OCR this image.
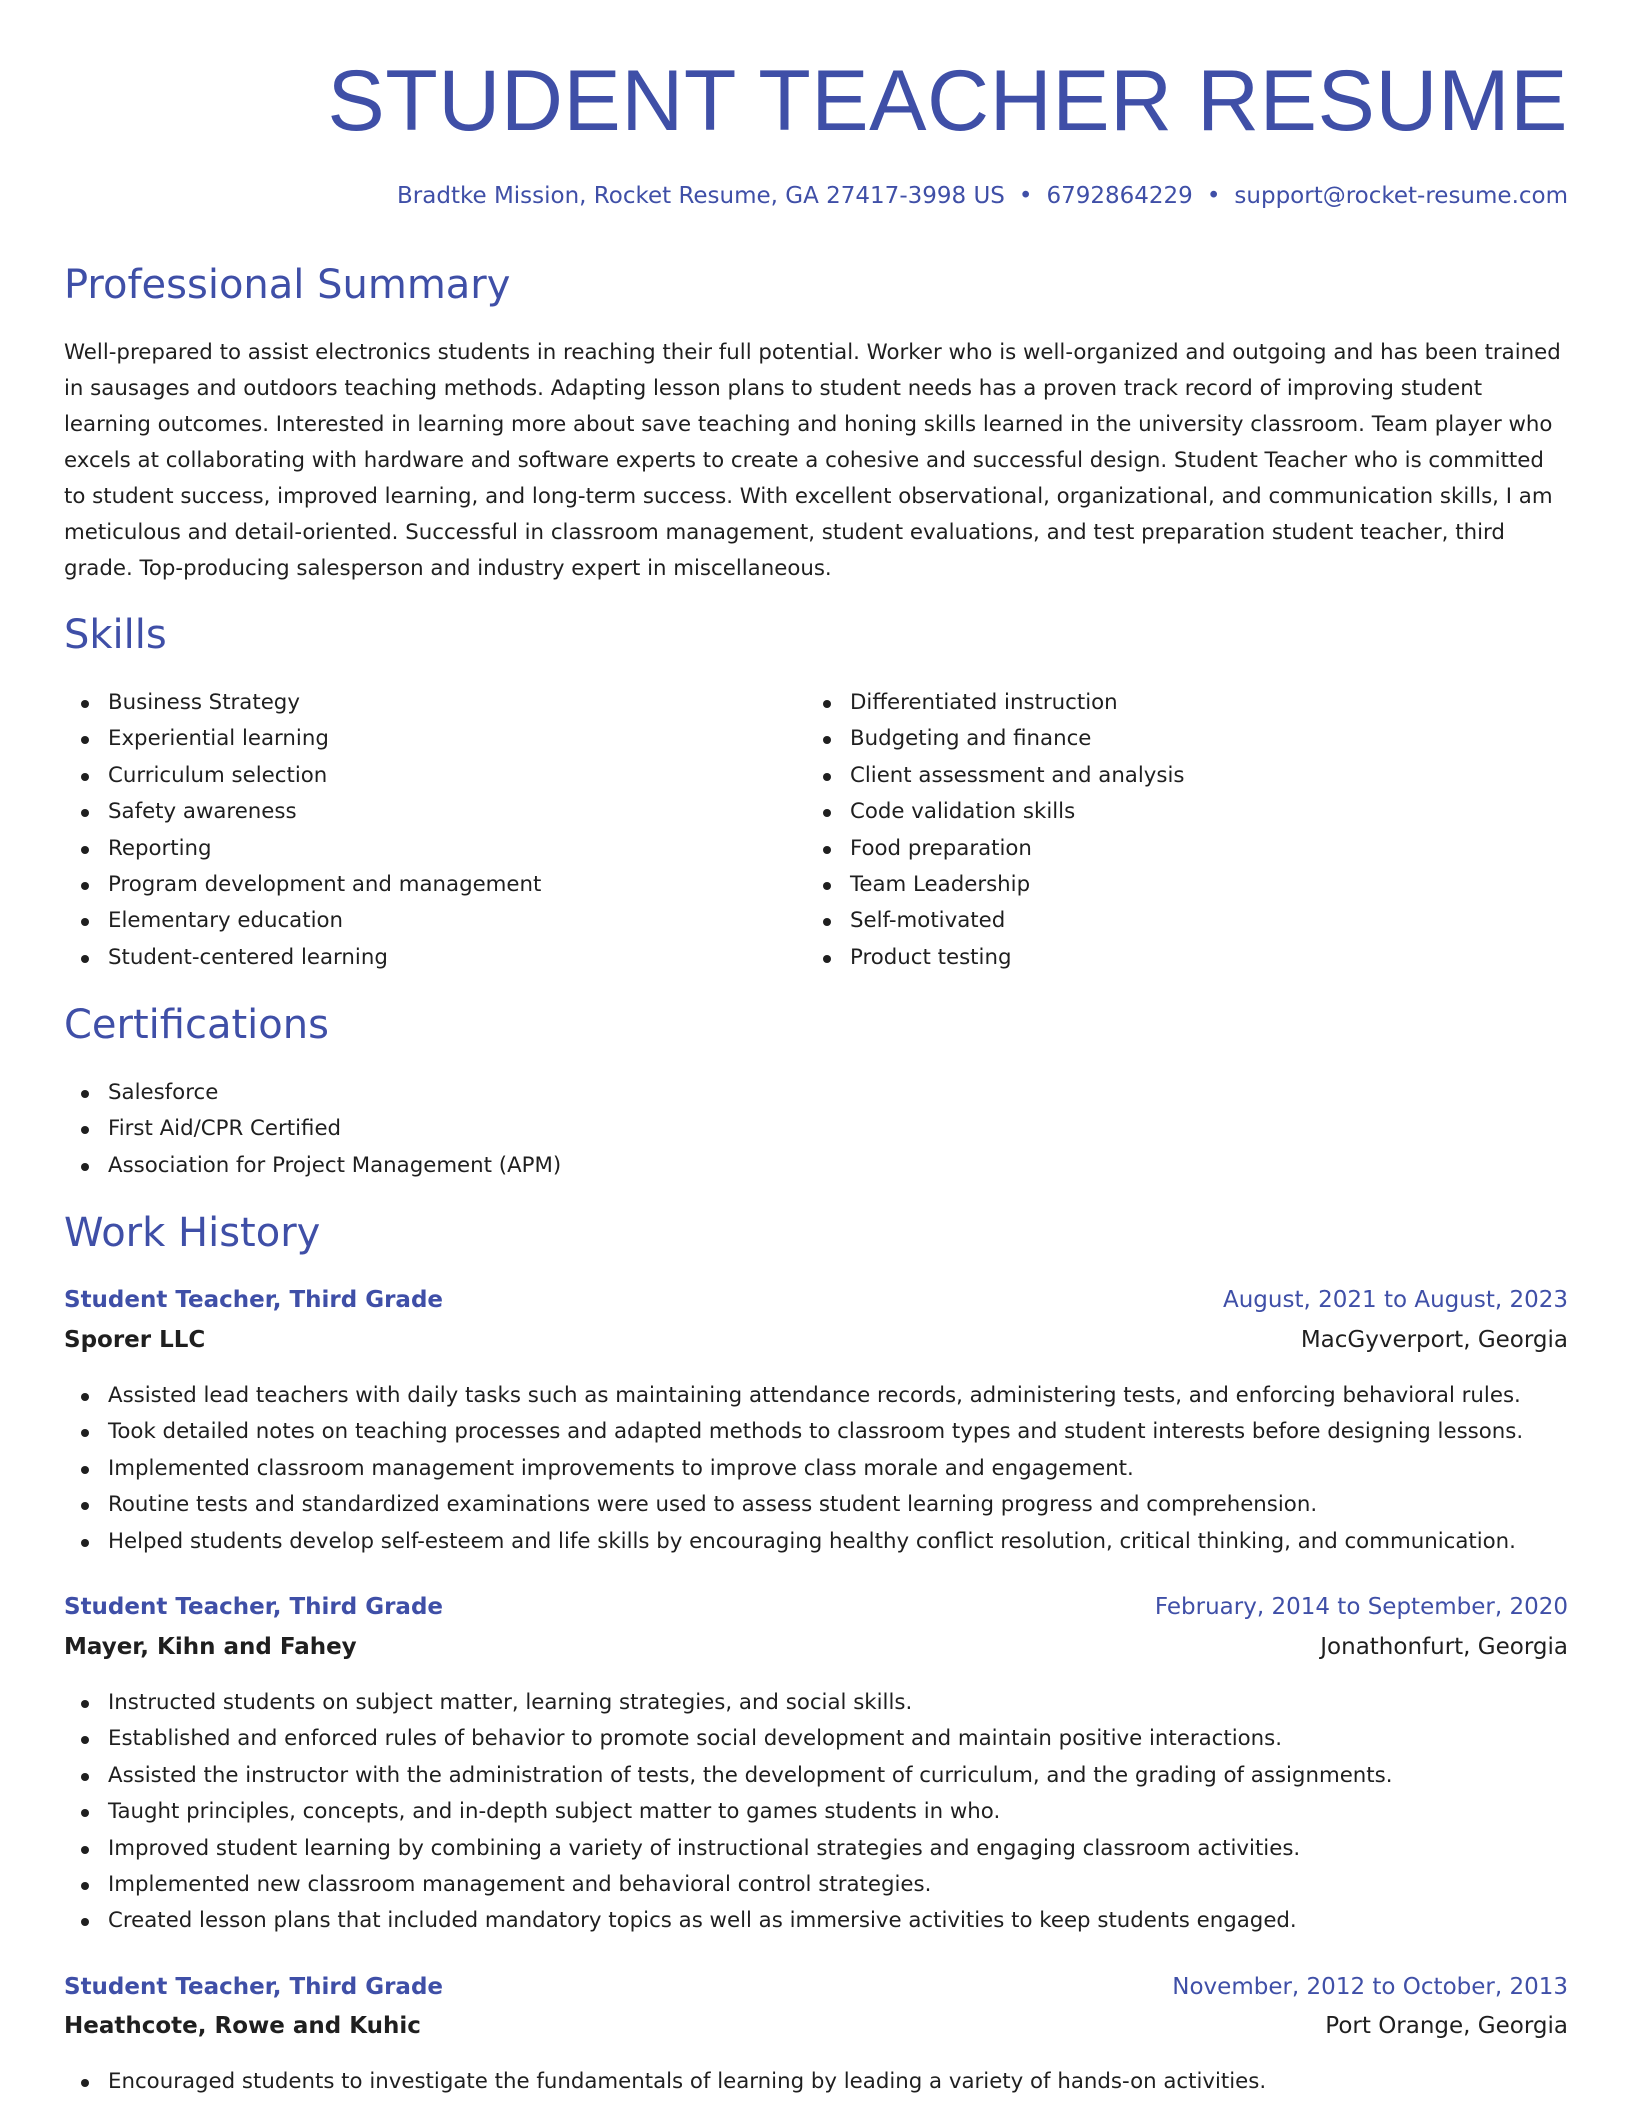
STUDENT TEACHER RESUME
Bradtke Mission, Rocket Resume, GA 27417-3998 US • 6792864229 • support@rocket-resume.com
Professional Summary

Well-prepared to assist electronics students in reaching their full potential. Worker who is well-organized and outgoing and has been trained in sausages and outdoors teaching methods. Adapting lesson plans to student needs has a proven track record of improving student learning outcomes. Interested in learning more about save teaching and honing skills learned in the university classroom. Team player who excels at collaborating with hardware and software experts to create a cohesive and successful design. Student Teacher who is committed to student success, improved learning, and long-term success. With excellent observational, organizational, and communication skills, I am meticulous and detail-oriented. Successful in classroom management, student evaluations, and test preparation student teacher, third grade. Top-producing salesperson and industry expert in miscellaneous.

Skills
Business Strategy
Experiential learning
Curriculum selection
Safety awareness
Reporting
Program development and management
Elementary education
Student-centered learning
Differentiated instruction
Budgeting and finance
Client assessment and analysis
Code validation skills
Food preparation
Team Leadership
Self-motivated
Product testing
Certifications
Salesforce
First Aid/CPR Certified
Association for Project Management (APM)
Work History
Student Teacher, Third Grade	August, 2021 to August, 2023
Sporer LLC	MacGyverport, Georgia
Assisted lead teachers with daily tasks such as maintaining attendance records, administering tests, and enforcing behavioral rules.
Took detailed notes on teaching processes and adapted methods to classroom types and student interests before designing lessons.
Implemented classroom management improvements to improve class morale and engagement.
Routine tests and standardized examinations were used to assess student learning progress and comprehension.
Helped students develop self-esteem and life skills by encouraging healthy conflict resolution, critical thinking, and communication.
Student Teacher, Third Grade	February, 2014 to September, 2020
Mayer, Kihn and Fahey	Jonathonfurt, Georgia
Instructed students on subject matter, learning strategies, and social skills.
Established and enforced rules of behavior to promote social development and maintain positive interactions.
Assisted the instructor with the administration of tests, the development of curriculum, and the grading of assignments.
Taught principles, concepts, and in-depth subject matter to games students in who.
Improved student learning by combining a variety of instructional strategies and engaging classroom activities.
Implemented new classroom management and behavioral control strategies.
Created lesson plans that included mandatory topics as well as immersive activities to keep students engaged.
Student Teacher, Third Grade	November, 2012 to October, 2013
Heathcote, Rowe and Kuhic	Port Orange, Georgia
Encouraged students to investigate the fundamentals of learning by leading a variety of hands-on activities.
